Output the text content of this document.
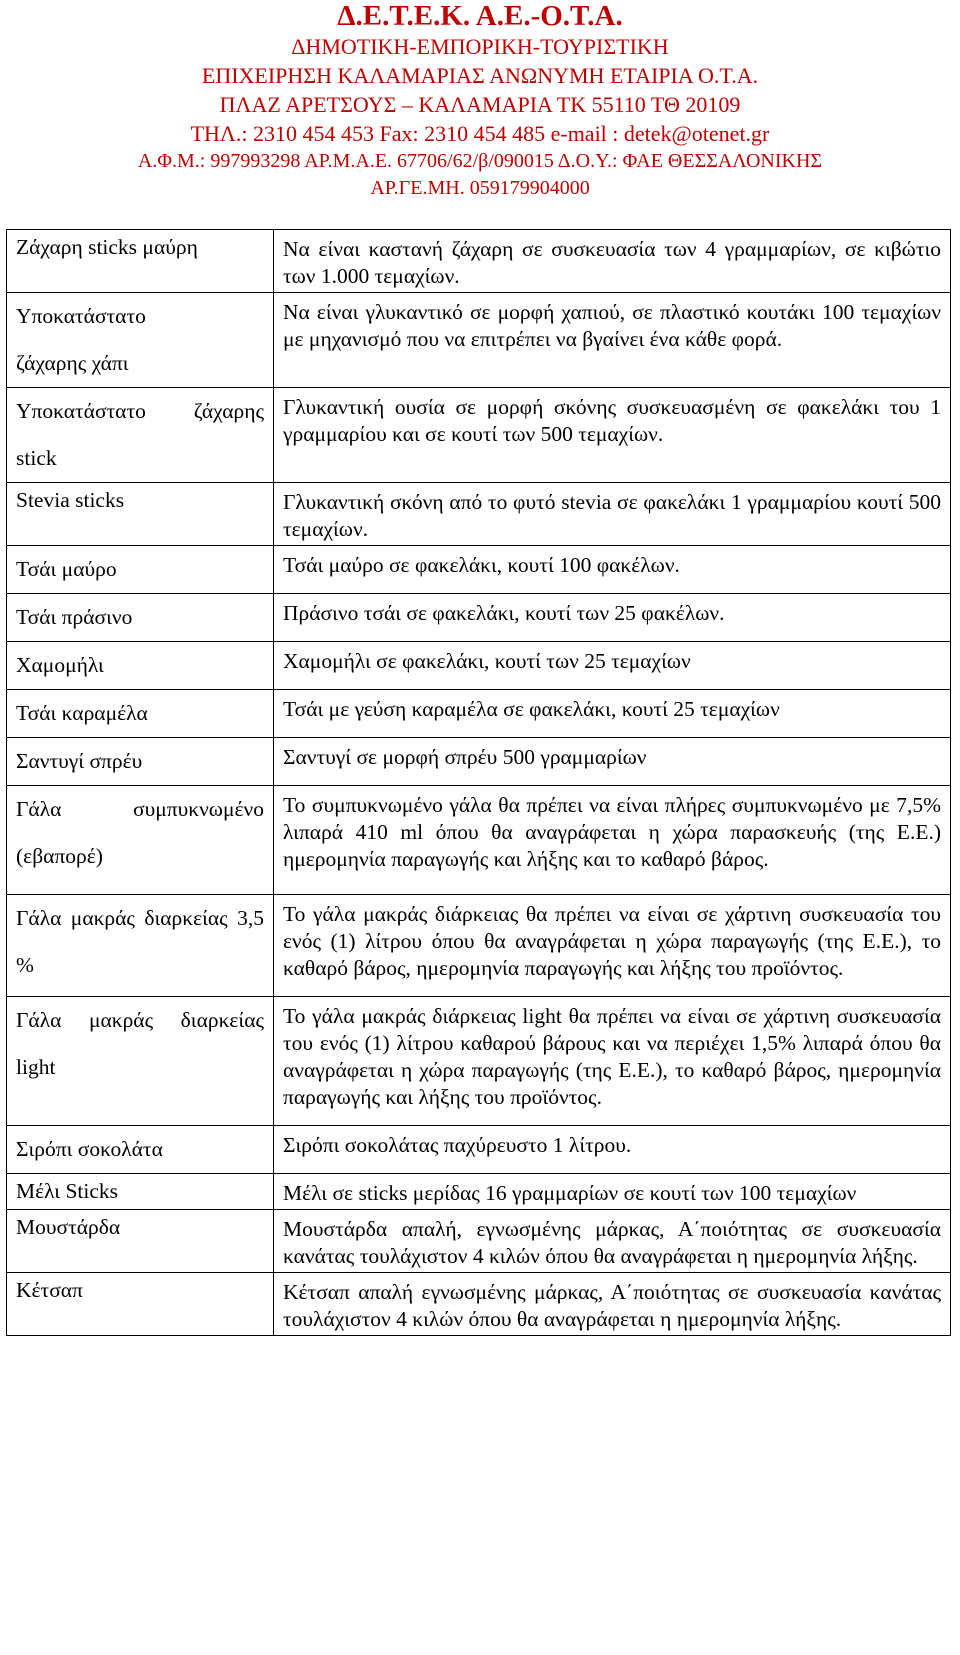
Δ.Ε.Τ.Ε.Κ. Α.Ε.-Ο.Τ.Α.
ΔΗΜΟΤΙΚΗ-ΕΜΠΟΡΙΚΗ-ΤΟΥΡΙΣΤΙΚΗ
ΕΠΙΧΕΙΡΗΣΗ ΚΑΛΑΜΑΡΙΑΣ ΑΝΩΝΥΜΗ ΕΤΑΙΡΙΑ Ο.Τ.Α.
ΠΛΑΖ ΑΡΕΤΣΟΥΣ – ΚΑΛΑΜΑΡΙΑ ΤΚ 55110 ΤΘ 20109
ΤΗΛ.: 2310 454 453 Fax: 2310 454 485 e-mail : detek@otenet.gr
Α.Φ.Μ.: 997993298 ΑΡ.Μ.Α.Ε. 67706/62/β/090015 Δ.Ο.Υ.: ΦΑΕ ΘΕΣΣΑΛΟΝΙΚΗΣ
ΑΡ.ΓΕ.ΜΗ. 059179904000
Ζάχαρη sticks μαύρη	Να είναι καστανή ζάχαρη σε συσκευασία των 4 γραμμαρίων, σε κιβώτιο των 1.000 τεμαχίων.
Υποκατάστατο ζάχαρης χάπι	Να είναι γλυκαντικό σε μορφή χαπιού, σε πλαστικό κουτάκι 100 τεμαχίων με μηχανισμό που να επιτρέπει να βγαίνει ένα κάθε φορά.
Υποκατάστατο ζάχαρης stick	Γλυκαντική ουσία σε μορφή σκόνης συσκευασμένη σε φακελάκι του 1 γραμμαρίου και σε κουτί των 500 τεμαχίων.
Stevia sticks	Γλυκαντική σκόνη από το φυτό stevia σε φακελάκι 1 γραμμαρίου κουτί 500 τεμαχίων.
Τσάι μαύρο	Τσάι μαύρο σε φακελάκι, κουτί 100 φακέλων.
Τσάι πράσινο	Πράσινο τσάι σε φακελάκι, κουτί των 25 φακέλων.
Χαμομήλι	Χαμομήλι σε φακελάκι, κουτί των 25 τεμαχίων
Τσάι καραμέλα	Τσάι με γεύση καραμέλα σε φακελάκι, κουτί 25 τεμαχίων
Σαντυγί σπρέυ	Σαντυγί σε μορφή σπρέυ 500 γραμμαρίων
Γάλα συμπυκνωμένο (εβαπορέ)	Το συμπυκνωμένο γάλα θα πρέπει να είναι πλήρες συμπυκνωμένο με 7,5% λιπαρά 410 ml όπου θα αναγράφεται η χώρα παρασκευής (της Ε.Ε.) ημερομηνία παραγωγής και λήξης και το καθαρό βάρος.
Γάλα μακράς διαρκείας 3,5 %	Το γάλα μακράς διάρκειας θα πρέπει να είναι σε χάρτινη συσκευασία του ενός (1) λίτρου όπου θα αναγράφεται η χώρα παραγωγής (της Ε.Ε.), το καθαρό βάρος, ημερομηνία παραγωγής και λήξης του προϊόντος.
Γάλα μακράς διαρκείας light	Το γάλα μακράς διάρκειας light θα πρέπει να είναι σε χάρτινη συσκευασία του ενός (1) λίτρου καθαρού βάρους και να περιέχει 1,5% λιπαρά όπου θα αναγράφεται η χώρα παραγωγής (της Ε.Ε.), το καθαρό βάρος, ημερομηνία παραγωγής και λήξης του προϊόντος.
Σιρόπι σοκολάτα	Σιρόπι σοκολάτας παχύρευστο 1 λίτρου.
Μέλι Sticks	Μέλι σε sticks μερίδας 16 γραμμαρίων σε κουτί των 100 τεμαχίων
Μουστάρδα	Μουστάρδα απαλή, εγνωσμένης μάρκας, Α΄ποιότητας σε συσκευασία κανάτας τουλάχιστον 4 κιλών όπου θα αναγράφεται η ημερομηνία λήξης.
Κέτσαπ	Κέτσαπ απαλή εγνωσμένης μάρκας, Α΄ποιότητας σε συσκευασία κανάτας τουλάχιστον 4 κιλών όπου θα αναγράφεται η ημερομηνία λήξης.
